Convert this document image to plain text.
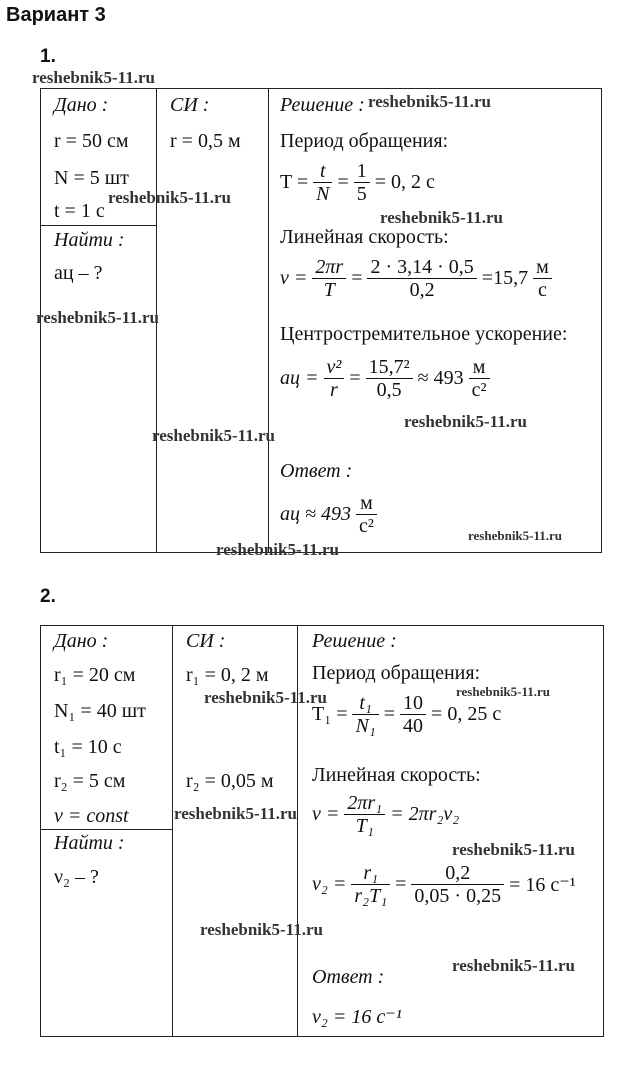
Вариант 3
1.
Дано :
r = 50 см
N = 5 шт
t = 1 с
Найти :
aц – ?
СИ :
r = 0,5 м
Решение :
Период обращения:
$T = \frac{t}{N} = \frac{1}{5} = 0$, 2 с
Линейная скорость:
$v = \frac{2\pi r}{T} = \frac{2 \cdot 3,14 \cdot 0,5}{0,2} =15,7 \frac{м}{с}$
Центростремительное ускорение:
aц = $\frac{\text{v²}}{r} = \frac{\text{15,7²}}{0,5} \approx 493 \frac{м}{\text{с²}}$
Ответ :
aц ≈ $493 \frac{м}{\text{с²}}$
reshebnik5-11.ru
reshebnik5-11.ru
reshebnik5-11.ru
reshebnik5-11.ru
reshebnik5-11.ru
reshebnik5-11.ru
reshebnik5-11.ru
reshebnik5-11.ru
reshebnik5-11.ru
2.
Дано :
r₁ = 20 см
N₁ = 40 шт
t₁ = 10 с
r₂ = 5 см
v = const
Найти :
ν₂ – ?
СИ :
r₁ = 0, 2 м
r₂ = 0,05 м
Решение :
Период обращения:
$T_1 = \frac{\text{t₁}}{\text{N₁}} = \frac{10}{40} = 0$, 25 с
Линейная скорость:
$v = \frac{\text{2πr₁}}{\text{T₁}} = 2\pi r_2\nu_2$
$\nu_2 = \frac{\text{r₁}}{\text{r₂T₁}} = \frac{0,2}{0,05 \cdot 0,25} = 16$ с⁻¹
Ответ :
ν₂ = 16 с⁻¹
reshebnik5-11.ru
reshebnik5-11.ru
reshebnik5-11.ru
reshebnik5-11.ru
reshebnik5-11.ru
reshebnik5-11.ru
